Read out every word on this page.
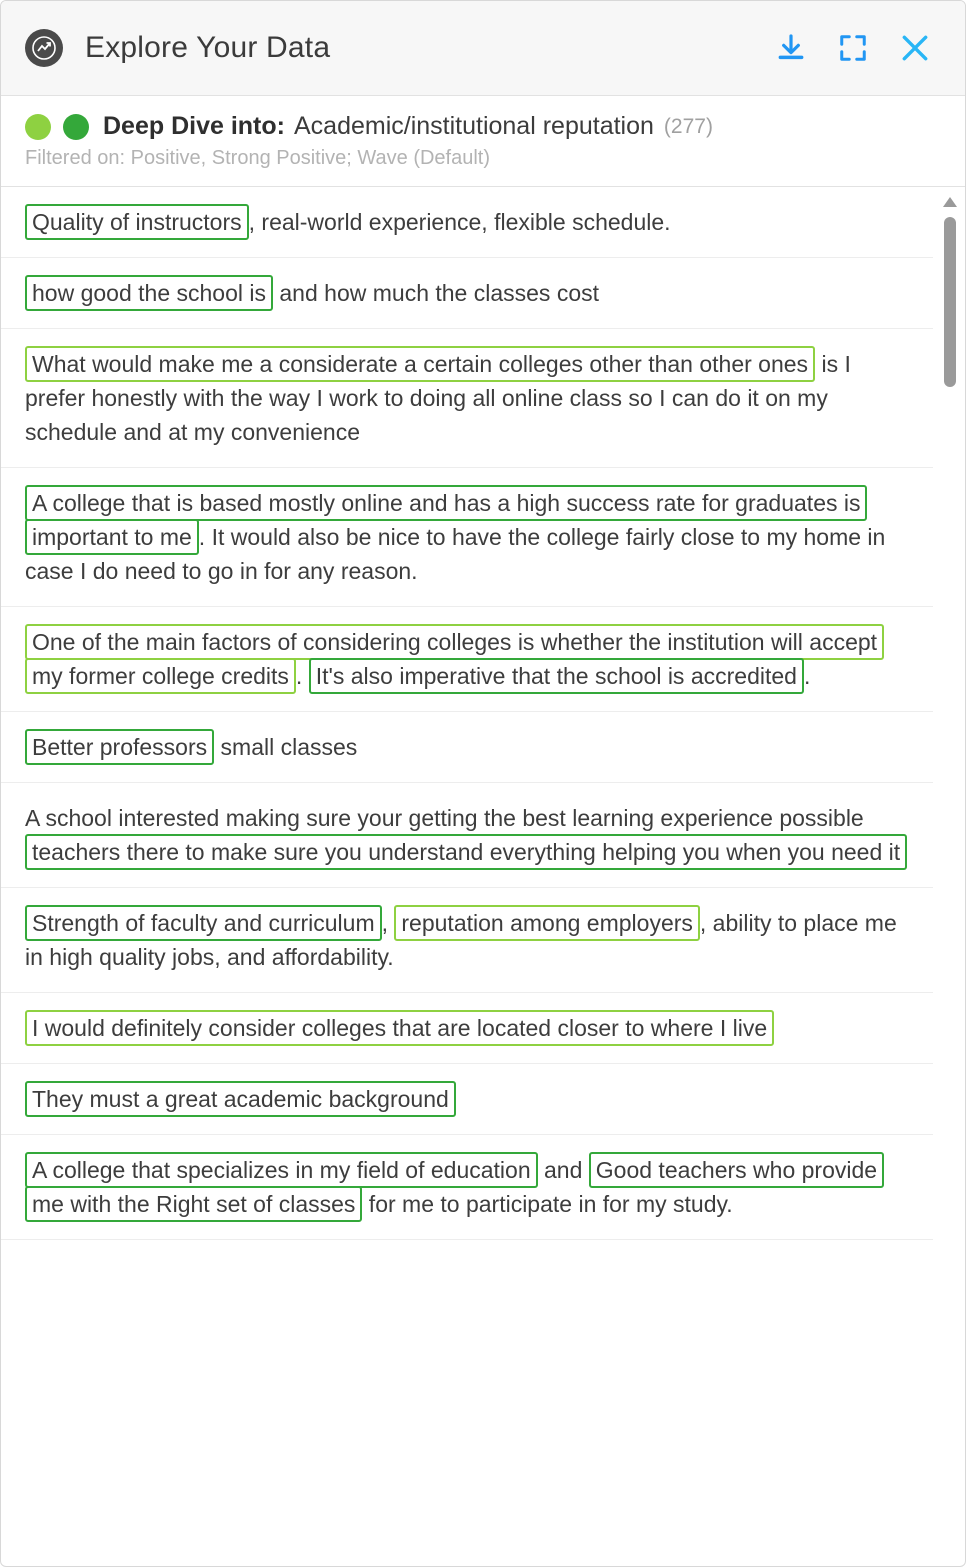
Explore Your Data
Deep Dive into: Academic/institutional reputation (277)
Filtered on: Positive, Strong Positive; Wave (Default)
Quality of instructors , real-world experience, flexible schedule.
how good the school is and how much the classes cost
What would make me a considerate a certain colleges other than other ones is I prefer honestly with the way I work to doing all online class so I can do it on my schedule and at my convenience
A college that is based mostly online and has a high success rate for graduates is important to me . It would also be nice to have the college fairly close to my home in case I do need to go in for any reason.
One of the main factors of considering colleges is whether the institution will accept my former college credits . It's also imperative that the school is accredited .
Better professors small classes
A school interested making sure your getting the best learning experience possible teachers there to make sure you understand everything helping you when you need it
Strength of faculty and curriculum , reputation among employers , ability to place me in high quality jobs, and affordability.
I would definitely consider colleges that are located closer to where I live
They must a great academic background
A college that specializes in my field of education and Good teachers who provide me with the Right set of classes for me to participate in for my study.
